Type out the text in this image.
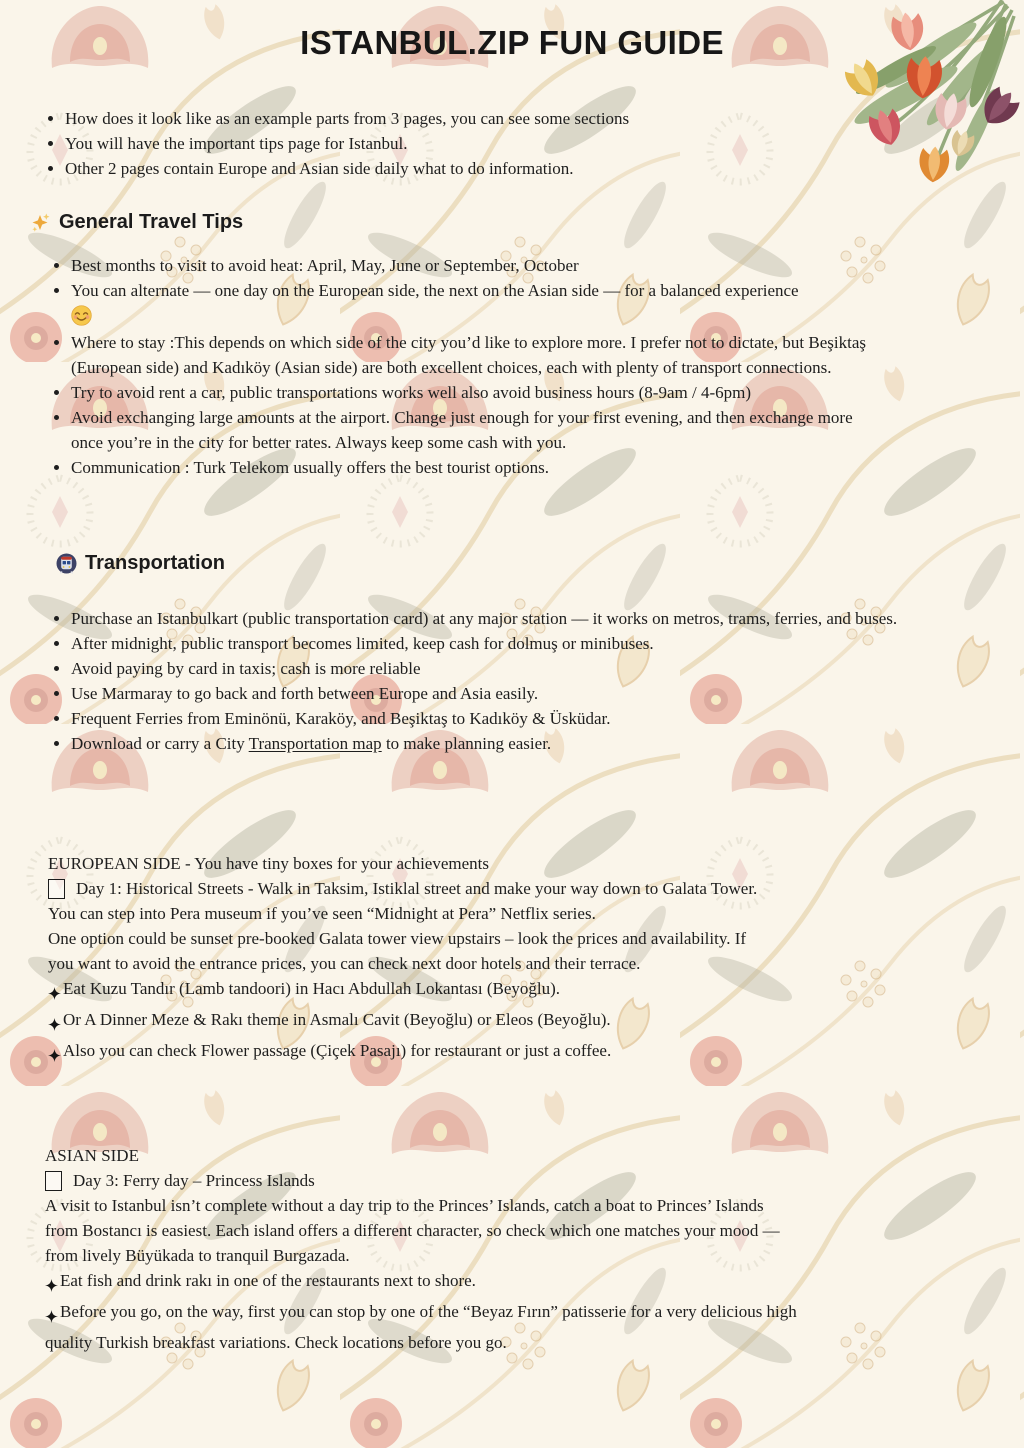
ISTANBUL.ZIP FUN GUIDE
• How does it look like as an example parts from 3 pages, you can see some sections
• You will have the important tips page for Istanbul.
• Other 2 pages contain Europe and Asian side daily what to do information.
General Travel Tips
• Best months to visit to avoid heat: April, May, June or September, October
• You can alternate — one day on the European side, the next on the Asian side — for a balanced experience
• Where to stay :This depends on which side of the city you’d like to explore more. I prefer not to dictate, but Beşiktaş (European side) and Kadıköy (Asian side) are both excellent choices, each with plenty of transport connections.
• Try to avoid rent a car, public transportations works well also avoid business hours (8-9am / 4-6pm)
• Avoid exchanging large amounts at the airport. Change just enough for your first evening, and then exchange more once you’re in the city for better rates. Always keep some cash with you.
• Communication : Turk Telekom usually offers the best tourist options.
Transportation
• Purchase an Istanbulkart (public transportation card) at any major station — it works on metros, trams, ferries, and buses.
• After midnight, public transport becomes limited, keep cash for dolmuş or minibuses.
• Avoid paying by card in taxis; cash is more reliable
• Use Marmaray to go back and forth between Europe and Asia easily.
• Frequent Ferries from Eminönü, Karaköy, and Beşiktaş to Kadıköy & Üsküdar.
• Download or carry a City Transportation map to make planning easier.

EUROPEAN SIDE - You have tiny boxes for your achievements

Day 1: Historical Streets - Walk in Taksim, Istiklal street and make your way down to Galata Tower.

You can step into Pera museum if you’ve seen “Midnight at Pera” Netflix series.

One option could be sunset pre-booked Galata tower view upstairs – look the prices and availability. If

you want to avoid the entrance prices, you can check next door hotels and their terrace.

Eat Kuzu Tandır (Lamb tandoori) in Hacı Abdullah Lokantası (Beyoğlu).

Or A Dinner Meze & Rakı theme in Asmalı Cavit (Beyoğlu) or Eleos (Beyoğlu).

Also you can check Flower passage (Çiçek Pasajı) for restaurant or just a coffee.

ASIAN SIDE

Day 3: Ferry day – Princess Islands

A visit to Istanbul isn’t complete without a day trip to the Princes’ Islands, catch a boat to Princes’ Islands

from Bostancı is easiest. Each island offers a different character, so check which one matches your mood —

from lively Büyükada to tranquil Burgazada.

Eat fish and drink rakı in one of the restaurants next to shore.

Before you go, on the way, first you can stop by one of the “Beyaz Fırın” patisserie for a very delicious high

quality Turkish breakfast variations. Check locations before you go.
